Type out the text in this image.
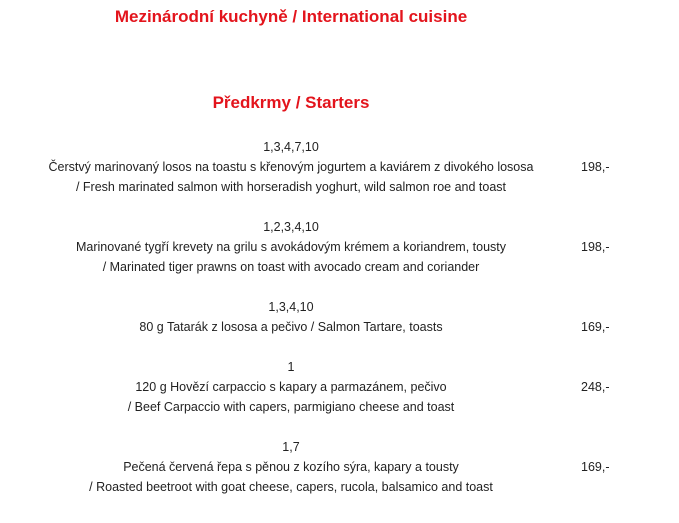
Mezinárodní kuchyně / International cuisine
Předkrmy / Starters
1,3,4,7,10
Čerstvý marinovaný losos na toastu s křenovým jogurtem a kaviárem z divokého lososa
/ Fresh marinated salmon with horseradish yoghurt, wild salmon roe and toast
198,-
1,2,3,4,10
Marinované tygří krevety na grilu s avokádovým krémem a koriandrem, tousty
/ Marinated tiger prawns on toast with avocado cream and coriander
198,-
1,3,4,10
80 g Tatarák z lososa a pečivo / Salmon Tartare, toasts	169,-
1
120 g Hovězí carpaccio s kapary a parmazánem, pečivo
/ Beef Carpaccio with capers, parmigiano cheese and toast
248,-
1,7
Pečená červená řepa s pěnou z kozího sýra, kapary a tousty
/ Roasted beetroot with goat cheese, capers, rucola, balsamico and toast
169,-
